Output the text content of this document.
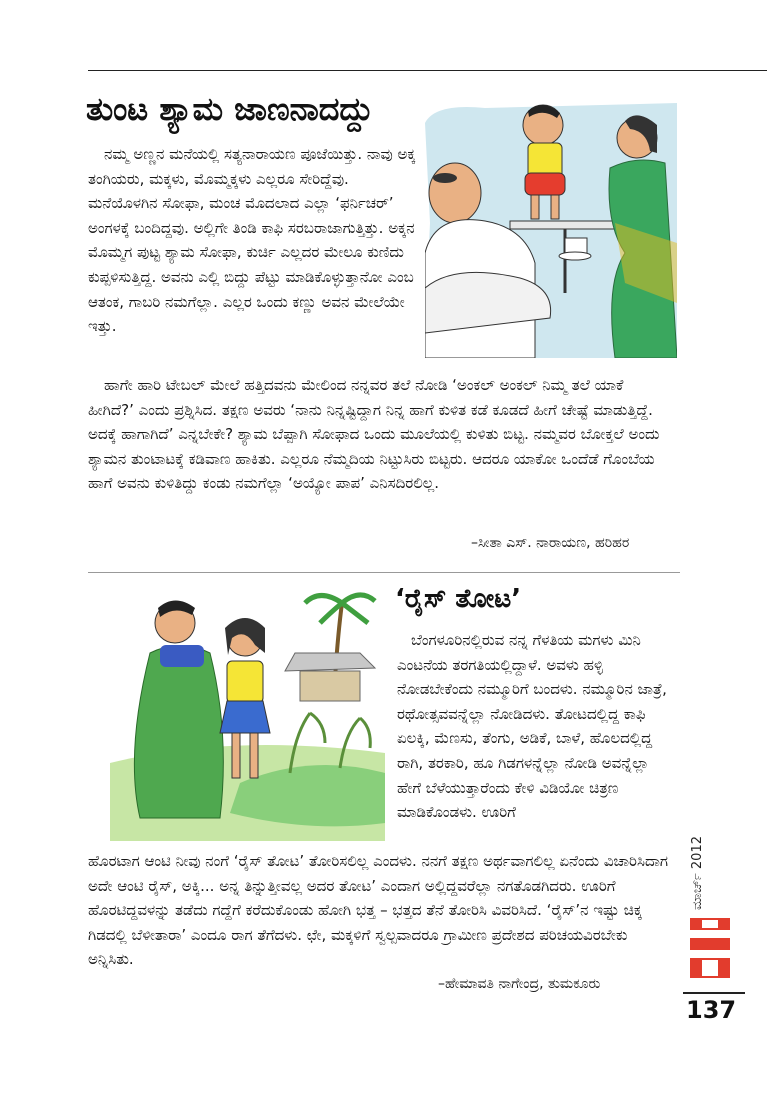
ತುಂಟ ಶ್ಯಾಮ ಜಾಣನಾದದ್ದು

ನಮ್ಮ ಅಣ್ಣನ ಮನೆಯಲ್ಲಿ ಸತ್ಯನಾರಾಯಣ ಪೂಜೆಯಿತ್ತು. ನಾವು ಅಕ್ಕ ತಂಗಿಯರು, ಮಕ್ಕಳು, ಮೊಮ್ಮಕ್ಕಳು ಎಲ್ಲರೂ ಸೇರಿದ್ದೆವು. ಮನೆಯೊಳಗಿನ ಸೋಫಾ, ಮಂಚ ಮೊದಲಾದ ಎಲ್ಲಾ ‘ಫರ್ನಿಚರ್’ ಅಂಗಳಕ್ಕೆ ಬಂದಿದ್ದವು. ಅಲ್ಲಿಗೇ ತಿಂಡಿ ಕಾಫಿ ಸರಬರಾಜಾಗುತ್ತಿತ್ತು. ಅಕ್ಕನ ಮೊಮ್ಮಗ ಪುಟ್ಟ ಶ್ಯಾಮ ಸೋಫಾ, ಕುರ್ಚಿ ಎಲ್ಲದರ ಮೇಲೂ ಕುಣಿದು ಕುಪ್ಪಳಿಸುತ್ತಿದ್ದ. ಅವನು ಎಲ್ಲಿ ಬಿದ್ದು ಪೆಟ್ಟು ಮಾಡಿಕೊಳ್ಳುತ್ತಾನೋ ಎಂಬ ಆತಂಕ, ಗಾಬರಿ ನಮಗೆಲ್ಲಾ. ಎಲ್ಲರ ಒಂದು ಕಣ್ಣು ಅವನ ಮೇಲೆಯೇ ಇತ್ತು.

ಹಾಗೇ ಹಾರಿ ಟೇಬಲ್ ಮೇಲೆ ಹತ್ತಿದವನು ಮೇಲಿಂದ ನನ್ನವರ ತಲೆ ನೋಡಿ ‘ಅಂಕಲ್ ಅಂಕಲ್ ನಿಮ್ಮ ತಲೆ ಯಾಕೆ ಹೀಗಿದೆ?’ ಎಂದು ಪ್ರಶ್ನಿಸಿದ. ತಕ್ಷಣ ಅವರು ‘ನಾನು ನಿನ್ನಷ್ಟಿದ್ದಾಗ ನಿನ್ನ ಹಾಗೆ ಕುಳಿತ ಕಡೆ ಕೂಡದೆ ಹೀಗೆ ಚೇಷ್ಟೆ ಮಾಡುತ್ತಿದ್ದೆ. ಅದಕ್ಕೆ ಹಾಗಾಗಿದೆ’ ಎನ್ನಬೇಕೇ? ಶ್ಯಾಮ ಬೆಪ್ಪಾಗಿ ಸೋಫಾದ ಒಂದು ಮೂಲೆಯಲ್ಲಿ ಕುಳಿತು ಬಿಟ್ಟ. ನಮ್ಮವರ ಬೋಕ್ತಲೆ ಅಂದು ಶ್ಯಾಮನ ತುಂಟಾಟಕ್ಕೆ ಕಡಿವಾಣ ಹಾಕಿತು. ಎಲ್ಲರೂ ನೆಮ್ಮದಿಯ ನಿಟ್ಟುಸಿರು ಬಿಟ್ಟರು. ಆದರೂ ಯಾಕೋ ಒಂದೆಡೆ ಗೊಂಬೆಯ ಹಾಗೆ ಅವನು ಕುಳಿತಿದ್ದು ಕಂಡು ನಮಗೆಲ್ಲಾ ‘ಅಯ್ಯೋ ಪಾಪ’ ಎನಿಸದಿರಲಿಲ್ಲ.

–ಸೀತಾ ಎಸ್. ನಾರಾಯಣ, ಹರಿಹರ
‘ರೈಸ್ ತೋಟ’

ಬೆಂಗಳೂರಿನಲ್ಲಿರುವ ನನ್ನ ಗೆಳತಿಯ ಮಗಳು ಮಿನಿ ಎಂಟನೆಯ ತರಗತಿಯಲ್ಲಿದ್ದಾಳೆ. ಅವಳು ಹಳ್ಳಿ ನೋಡಬೇಕೆಂದು ನಮ್ಮೂರಿಗೆ ಬಂದಳು. ನಮ್ಮೂರಿನ ಜಾತ್ರೆ, ರಥೋತ್ಸವವನ್ನೆಲ್ಲಾ ನೋಡಿದಳು. ತೋಟದಲ್ಲಿದ್ದ ಕಾಫಿ ಏಲಕ್ಕಿ, ಮೆಣಸು, ತೆಂಗು, ಅಡಿಕೆ, ಬಾಳೆ, ಹೊಲದಲ್ಲಿದ್ದ ರಾಗಿ, ತರಕಾರಿ, ಹೂ ಗಿಡಗಳನ್ನೆಲ್ಲಾ ನೋಡಿ ಅವನ್ನೆಲ್ಲಾ ಹೇಗೆ ಬೆಳೆಯುತ್ತಾರೆಂದು ಕೇಳಿ ವಿಡಿಯೋ ಚಿತ್ರಣ ಮಾಡಿಕೊಂಡಳು. ಊರಿಗೆ

ಹೊರಟಾಗ ಆಂಟಿ ನೀವು ನಂಗೆ ‘ರೈಸ್ ತೋಟ’ ತೋರಿಸಲಿಲ್ಲ ಎಂದಳು. ನನಗೆ ತಕ್ಷಣ ಅರ್ಥವಾಗಲಿಲ್ಲ ಏನೆಂದು ವಿಚಾರಿಸಿದಾಗ ಅದೇ ಆಂಟಿ ರೈಸ್, ಅಕ್ಕಿ... ಅನ್ನ ತಿನ್ನುತ್ತೀವಲ್ಲ ಅದರ ತೋಟ’ ಎಂದಾಗ ಅಲ್ಲಿದ್ದವರೆಲ್ಲಾ ನಗತೊಡಗಿದರು. ಊರಿಗೆ ಹೊರಟಿದ್ದವಳನ್ನು ತಡೆದು ಗದ್ದೆಗೆ ಕರೆದುಕೊಂಡು ಹೋಗಿ ಭತ್ತ – ಭತ್ತದ ತೆನೆ ತೋರಿಸಿ ವಿವರಿಸಿದೆ. ‘ರೈಸ್’ನ ಇಷ್ಟು ಚಿಕ್ಕ ಗಿಡದಲ್ಲಿ ಬೆಳೀತಾರಾ’ ಎಂದೂ ರಾಗ ತೆಗೆದಳು. ಛೇ, ಮಕ್ಕಳಿಗೆ ಸ್ವಲ್ಪವಾದರೂ ಗ್ರಾಮೀಣ ಪ್ರದೇಶದ ಪರಿಚಯವಿರಬೇಕು ಅನ್ನಿಸಿತು.

–ಹೇಮಾವತಿ ನಾಗೇಂದ್ರ, ತುಮಕೂರು
ಮಾರ್ಚ್ 2012
137
